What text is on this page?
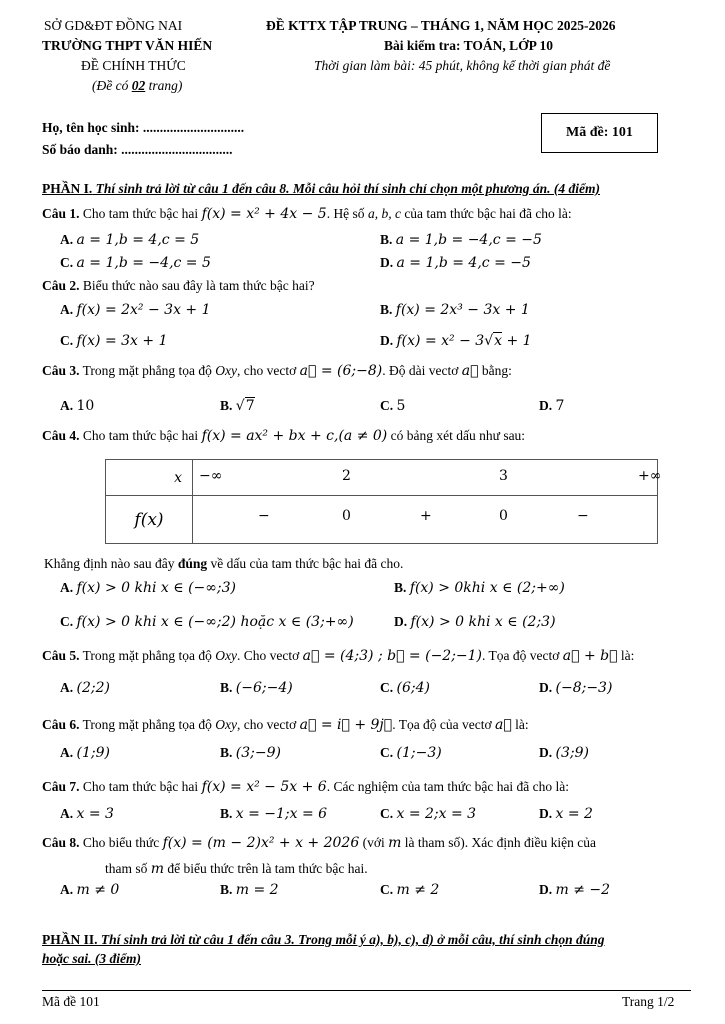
SỞ GD&ĐT ĐỒNG NAI
TRƯỜNG THPT VĂN HIẾN
ĐỀ CHÍNH THỨC
(Đề có 02 trang)
ĐỀ KTTX TẬP TRUNG – THÁNG 1, NĂM HỌC 2025-2026
Bài kiểm tra: TOÁN, LỚP 10
Thời gian làm bài: 45 phút, không kể thời gian phát đề
Họ, tên học sinh: ..............................
Số báo danh: .................................
Mã đề: 101
PHẦN I. Thí sinh trả lời từ câu 1 đến câu 8. Mỗi câu hỏi thí sinh chỉ chọn một phương án. (4 điểm)
Câu 1. Cho tam thức bậc hai f(x) = x² + 4x − 5. Hệ số a, b, c của tam thức bậc hai đã cho là:
A. a = 1,b = 4,c = 5	B. a = 1,b = −4,c = −5
C. a = 1,b = −4,c = 5	D. a = 1,b = 4,c = −5
Câu 2. Biểu thức nào sau đây là tam thức bậc hai?
A. f(x) = 2x² − 3x + 1	B. f(x) = 2x³ − 3x + 1
C. f(x) = 3x + 1	D. f(x) = x² − 3√x + 1
Câu 3. Trong mặt phẳng tọa độ Oxy, cho vectơ a⃗ = (6;−8). Độ dài vectơ a⃗ bằng:
A. 10	B. √7	C. 5	D. 7
Câu 4. Cho tam thức bậc hai f(x) = ax² + bx + c,(a ≠ 0) có bảng xét dấu như sau:
x	−∞ 2 3 +∞

f(x)	− 0 + 0 −
Khẳng định nào sau đây đúng về dấu của tam thức bậc hai đã cho.
A. f(x) > 0 khi x ∈ (−∞;3)	B. f(x) > 0khi x ∈ (2;+∞)
C. f(x) > 0 khi x ∈ (−∞;2) hoặc x ∈ (3;+∞)	D. f(x) > 0 khi x ∈ (2;3)
Câu 5. Trong mặt phẳng tọa độ Oxy. Cho vectơ a⃗ = (4;3) ; b⃗ = (−2;−1). Tọa độ vectơ a⃗ + b⃗ là:
A. (2;2)	B. (−6;−4)	C. (6;4)	D. (−8;−3)
Câu 6. Trong mặt phẳng tọa độ Oxy, cho vectơ a⃗ = i⃗ + 9j⃗. Tọa độ của vectơ a⃗ là:
A. (1;9)	B. (3;−9)	C. (1;−3)	D. (3;9)
Câu 7. Cho tam thức bậc hai f(x) = x² − 5x + 6. Các nghiệm của tam thức bậc hai đã cho là:
A. x = 3	B. x = −1;x = 6	C. x = 2;x = 3	D. x = 2
Câu 8. Cho biểu thức f(x) = (m − 2)x² + x + 2026 (với m là tham số). Xác định điều kiện của
tham số m để biểu thức trên là tam thức bậc hai.
A. m ≠ 0	B. m = 2	C. m ≠ 2	D. m ≠ −2
PHẦN II. Thí sinh trả lời từ câu 1 đến câu 3. Trong mỗi ý a), b), c), d) ở mỗi câu, thí sinh chọn đúng
hoặc sai. (3 điểm)
Mã đề 101	Trang 1/2
